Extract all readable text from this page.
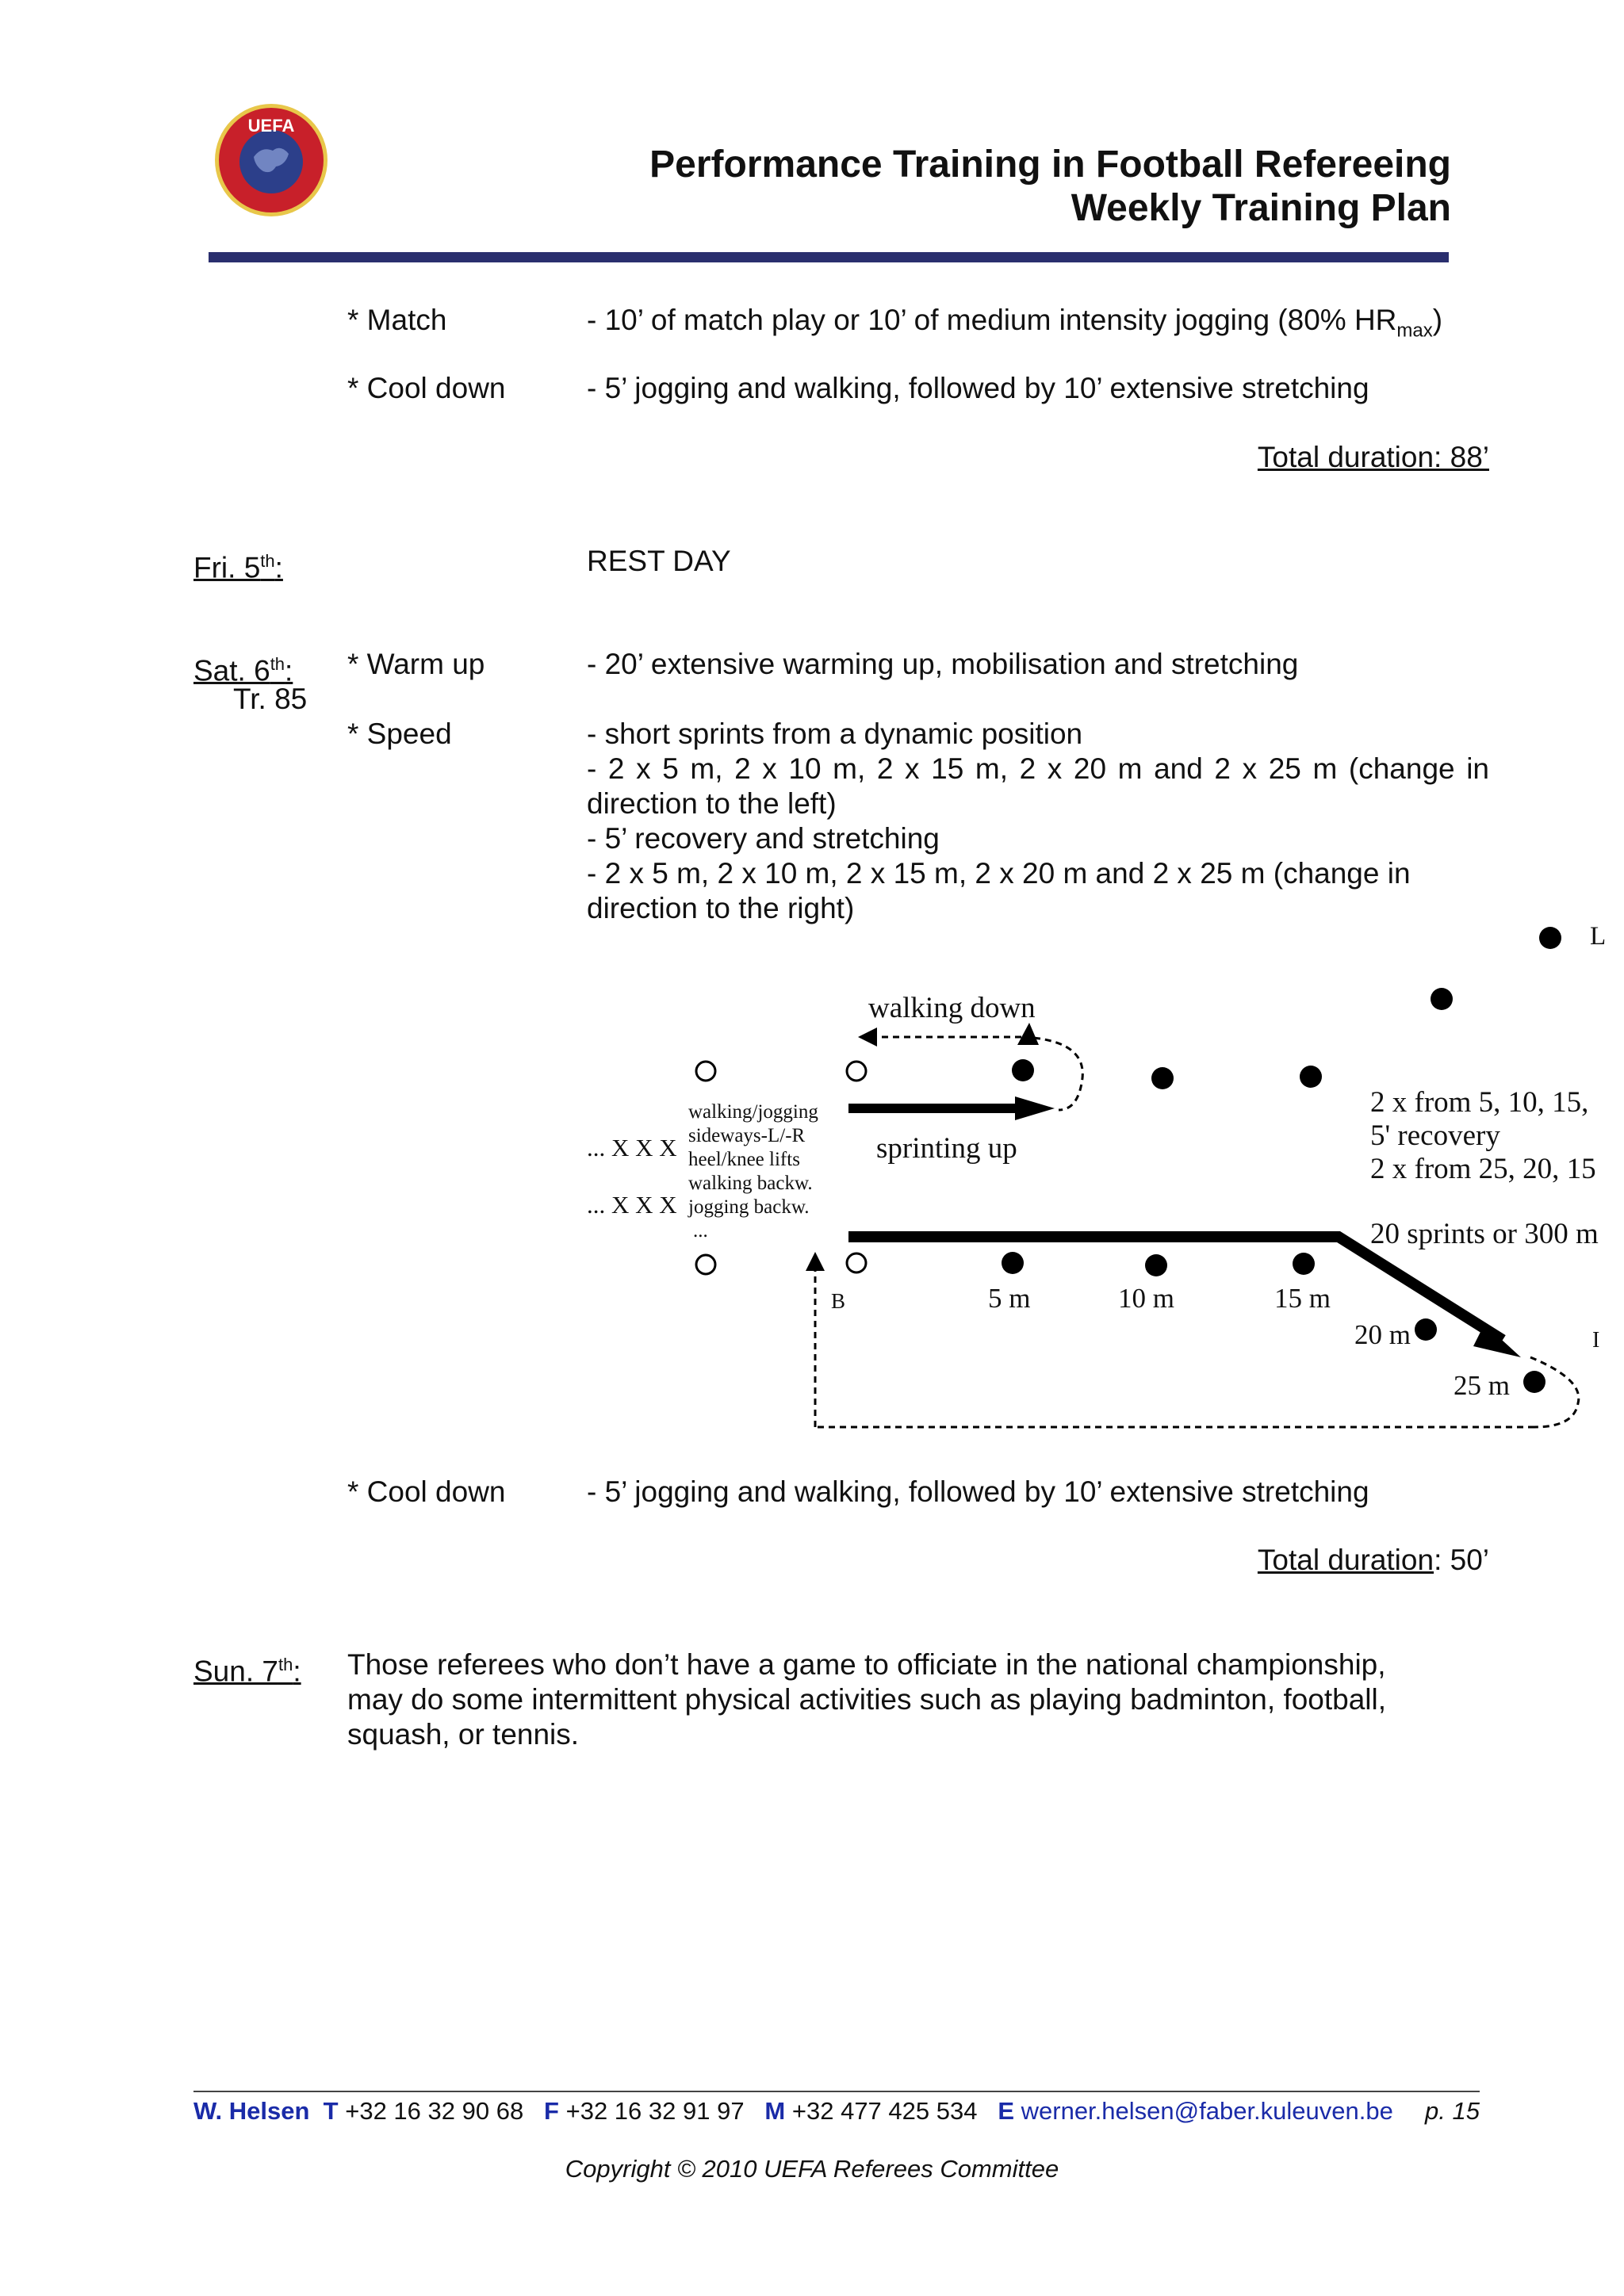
UEFA
Performance Training in Football Refereeing
Weekly Training Plan
* Match	- 10’ of match play or 10’ of medium intensity jogging (80% $HR_{max}$)
* Cool down	- 5’ jogging and walking, followed by 10’ extensive stretching
Total duration: 88’
Fri. 5th:	REST DAY
Sat. 6th:
Tr. 85
* Warm up	- 20’ extensive warming up, mobilisation and stretching
* Speed	- short sprints from a dynamic position
- 2 x 5 m, 2 x 10 m, 2 x 15 m, 2 x 20 m and 2 x 25 m (change in
direction to the left)
- 5’ recovery and stretching
- 2 x 5 m, 2 x 10 m, 2 x 15 m, 2 x 20 m and 2 x 25 m (change in
direction to the right)
walking down
sprinting up
... X X X
... X X X
walking/jogging
sideways-L/-R
heel/knee lifts
walking backw.
jogging backw.
...
B	5 m	10 m	15 m
20 m
25 m
2 x from 5, 10, 15,
5' recovery
2 x from 25, 20, 15
20 sprints or 300 m
L
I
* Cool down	- 5’ jogging and walking, followed by 10’ extensive stretching
Total duration: 50’
Sun. 7th: Those referees who don’t have a game to officiate in the national championship,
may do some intermittent physical activities such as playing badminton, football,
squash, or tennis.
W. Helsen T +32 16 32 90 68 F +32 16 32 91 97 M +32 477 425 534 E werner.helsen@faber.kuleuven.be p. 15
Copyright © 2010 UEFA Referees Committee
